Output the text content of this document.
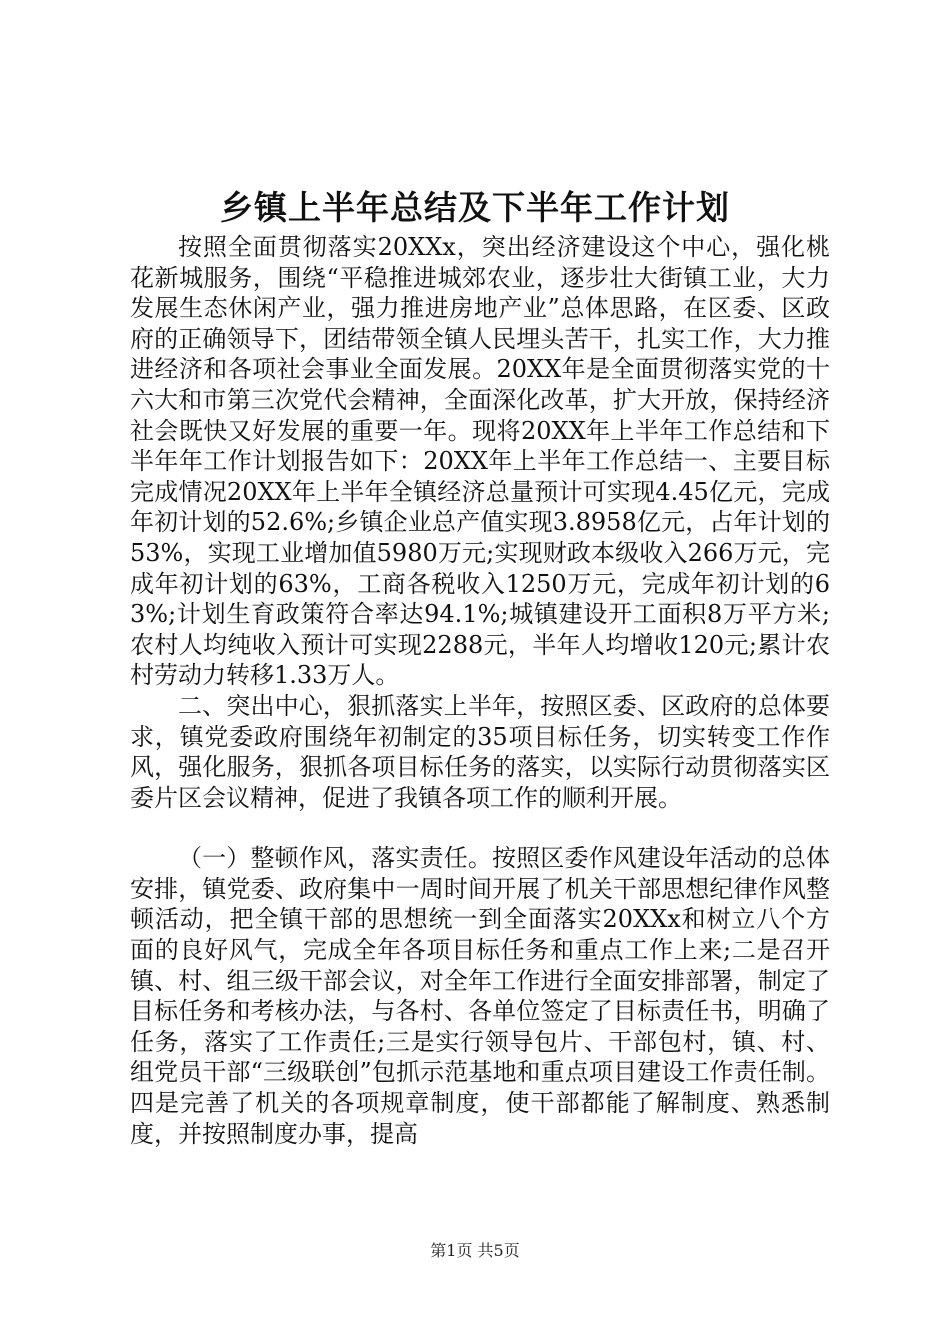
乡镇上半年总结及下半年工作计划

按照全面贯彻落实20XXx，突出经济建设这个中心，强化桃花新城服务，围绕“平稳推进城郊农业，逐步壮大街镇工业，大力发展生态休闲产业，强力推进房地产业”总体思路，在区委、区政府的正确领导下，团结带领全镇人民埋头苦干，扎实工作，大力推进经济和各项社会事业全面发展。20XX年是全面贯彻落实党的十六大和市第三次党代会精神，全面深化改革，扩大开放，保持经济社会既快又好发展的重要一年。现将20XX年上半年工作总结和下半年年工作计划报告如下：20XX年上半年工作总结一、主要目标完成情况20XX年上半年全镇经济总量预计可实现4.45亿元，完成年初计划的52.6%;乡镇企业总产值实现3.8958亿元，占年计划的53%，实现工业增加值5980万元;实现财政本级收入266万元，完成年初计划的63%，工商各税收入1250万元，完成年初计划的63%;计划生育政策符合率达94.1%;城镇建设开工面积8万平方米;农村人均纯收入预计可实现2288元，半年人均增收120元;累计农村劳动力转移1.33万人。

二、突出中心，狠抓落实上半年，按照区委、区政府的总体要求，镇党委政府围绕年初制定的35项目标任务，切实转变工作作风，强化服务，狠抓各项目标任务的落实，以实际行动贯彻落实区委片区会议精神，促进了我镇各项工作的顺利开展。

（一）整顿作风，落实责任。按照区委作风建设年活动的总体安排，镇党委、政府集中一周时间开展了机关干部思想纪律作风整顿活动，把全镇干部的思想统一到全面落实20XXx和树立八个方面的良好风气，完成全年各项目标任务和重点工作上来;二是召开镇、村、组三级干部会议，对全年工作进行全面安排部署，制定了目标任务和考核办法，与各村、各单位签定了目标责任书，明确了任务，落实了工作责任;三是实行领导包片、干部包村，镇、村、组党员干部“三级联创”包抓示范基地和重点项目建设工作责任制。四是完善了机关的各项规章制度，使干部都能了解制度、熟悉制度，并按照制度办事，提高

第1页 共5页
